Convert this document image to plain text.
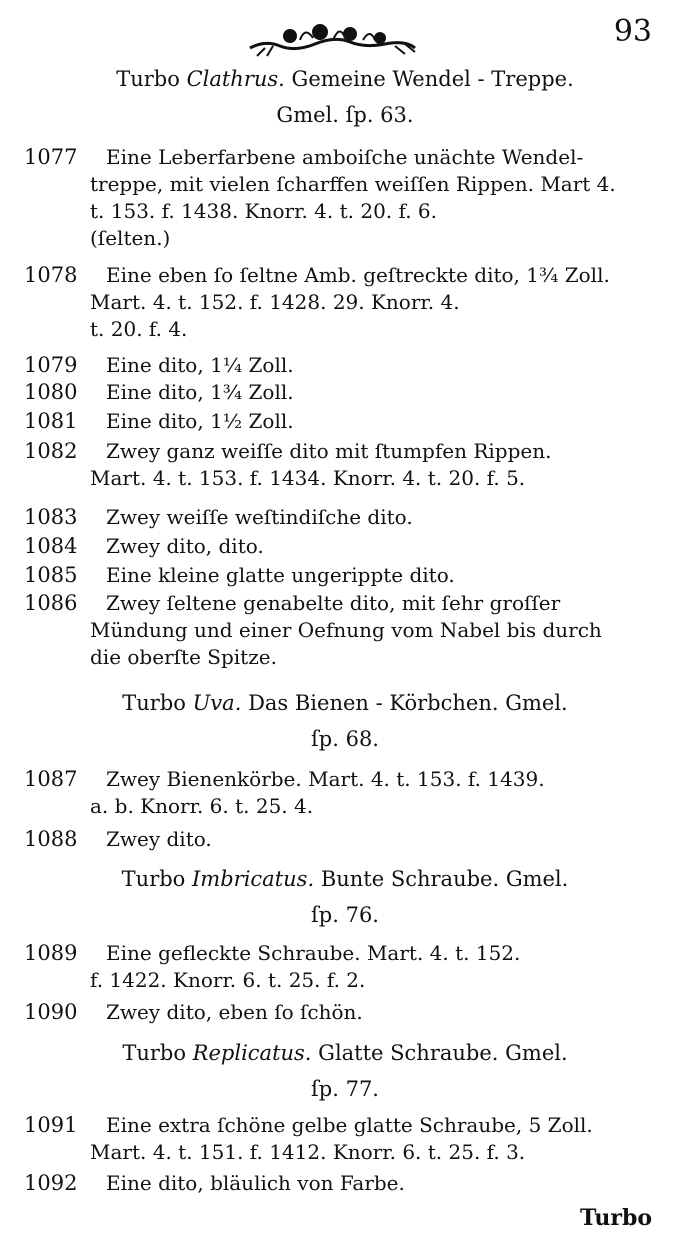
93
Turbo Clathrus. Gemeine Wendel - Treppe.
Gmel. ſp. 63.
1077 Eine Leberfarbene amboiſche unächte Wendel-
treppe, mit vielen ſcharffen weiſſen Rippen. Mart 4.
t. 153. f. 1438. Knorr. 4. t. 20. f. 6.
(ſelten.)
1078 Eine eben ſo ſeltne Amb. geſtreckte dito, 1¾ Zoll.
Mart. 4. t. 152. f. 1428. 29. Knorr. 4.
t. 20. f. 4.
1079 Eine dito, 1¼ Zoll.
1080 Eine dito, 1¾ Zoll.
1081 Eine dito, 1½ Zoll.
1082 Zwey ganz weiſſe dito mit ſtumpfen Rippen.
Mart. 4. t. 153. f. 1434. Knorr. 4. t. 20. f. 5.
1083 Zwey weiſſe weſtindiſche dito.
1084 Zwey dito, dito.
1085 Eine kleine glatte ungerippte dito.
1086 Zwey ſeltene genabelte dito, mit ſehr groſſer
Mündung und einer Oefnung vom Nabel bis durch
die oberſte Spitze.
Turbo Uva. Das Bienen - Körbchen. Gmel.
ſp. 68.
1087 Zwey Bienenkörbe. Mart. 4. t. 153. f. 1439.
a. b. Knorr. 6. t. 25. 4.
1088 Zwey dito.
Turbo Imbricatus. Bunte Schraube. Gmel.
ſp. 76.
1089 Eine gefleckte Schraube. Mart. 4. t. 152.
f. 1422. Knorr. 6. t. 25. f. 2.
1090 Zwey dito, eben ſo ſchön.
Turbo Replicatus. Glatte Schraube. Gmel.
ſp. 77.
1091 Eine extra ſchöne gelbe glatte Schraube, 5 Zoll.
Mart. 4. t. 151. f. 1412. Knorr. 6. t. 25. f. 3.
1092 Eine dito, bläulich von Farbe.
Turbo
